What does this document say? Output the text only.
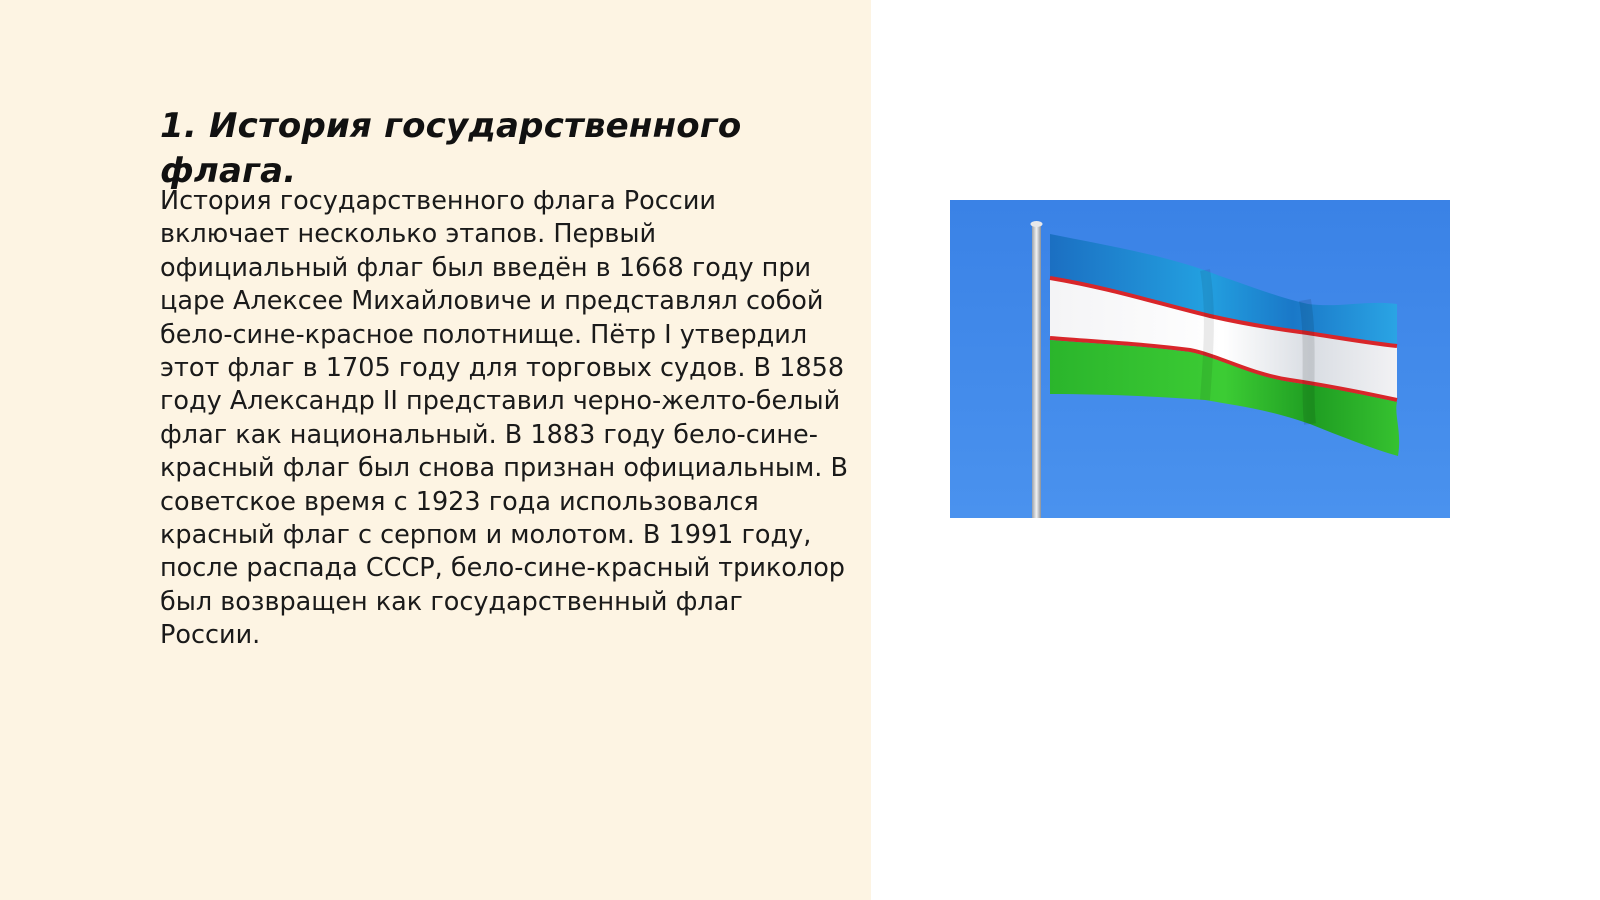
1. История государственного флага.

История государственного флага России включает несколько этапов. Первый официальный флаг был введён в 1668 году при царе Алексее Михайловиче и представлял собой бело-сине-красное полотнище. Пётр I утвердил этот флаг в 1705 году для торговых судов. В 1858 году Александр II представил черно-желто-белый флаг как национальный. В 1883 году бело-сине-красный флаг был снова признан официальным. В советское время с 1923 года использовался красный флаг с серпом и молотом. В 1991 году, после распада СССР, бело-сине-красный триколор был возвращен как государственный флаг России.
